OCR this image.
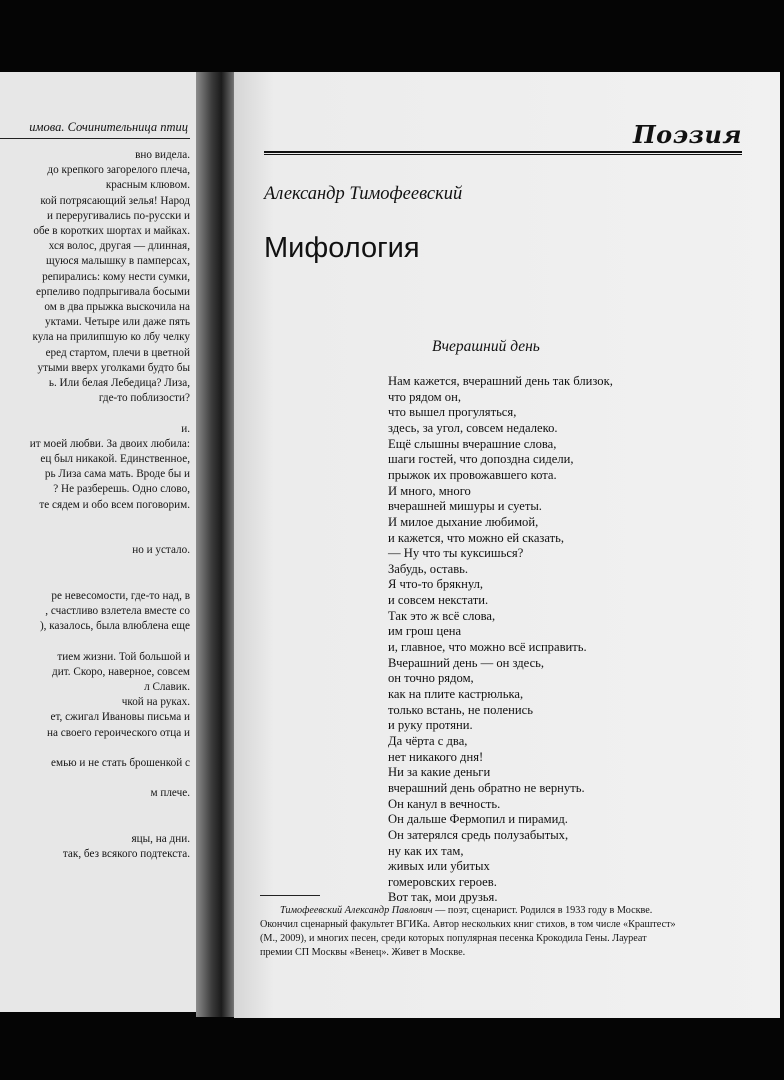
имова. Сочинительница птиц
вно видела.
до крепкого загорелого плеча,
красным клювом.
кой потрясающий зелья! Народ
и переругивались по-русски и
обе в коротких шортах и майках.
хся волос, другая — длинная,
щуюся малышку в памперсах,
репирались: кому нести сумки,
ерпеливо подпрыгивала босыми
ом в два прыжка выскочила на
уктами. Четыре или даже пять
кула на прилипшую ко лбу челку
еред стартом, плечи в цветной
утыми вверх уголками будто бы
ь. Или белая Лебедица? Лиза,
где-то поблизости?
и.
ит моей любви. За двоих любила:
ец был никакой. Единственное,
рь Лиза сама мать. Вроде бы и
? Не разберешь. Одно слово,
те сядем и обо всем поговорим.
но и устало.
ре невесомости, где-то над, в
, счастливо взлетела вместе со
), казалось, была влюблена еще
тием жизни. Той большой и
дит. Скоро, наверное, совсем
л Славик.
чкой на руках.
ет, сжигал Ивановы письма и
на своего героического отца и
емью и не стать брошенкой с
м плече.
яцы, на дни.
так, без всякого подтекста.
Поэзия
Александр Тимофеевский
Мифология
Вчерашний день
Нам кажется, вчерашний день так близок,
что рядом он,
что вышел прогуляться,
здесь, за угол, совсем недалеко.
Ещё слышны вчерашние слова,
шаги гостей, что допоздна сидели,
прыжок их провожавшего кота.
И много, много
вчерашней мишуры и суеты.
И милое дыхание любимой,
и кажется, что можно ей сказать,
— Ну что ты куксишься?
Забудь, оставь.
Я что-то брякнул,
и совсем некстати.
Так это ж всё слова,
им грош цена
и, главное, что можно всё исправить.
Вчерашний день — он здесь,
он точно рядом,
как на плите кастрюлька,
только встань, не поленись
и руку протяни.
Да чёрта с два,
нет никакого дня!
Ни за какие деньги
вчерашний день обратно не вернуть.
Он канул в вечность.
Он дальше Фермопил и пирамид.
Он затерялся средь полузабытых,
ну как их там,
живых или убитых
гомеровских героев.
Вот так, мои друзья.
Тимофеевский Александр Павлович — поэт, сценарист. Родился в 1933 году в Москве.
Окончил сценарный факультет ВГИКа. Автор нескольких книг стихов, в том числе «Краштест»
(М., 2009), и многих песен, среди которых популярная песенка Крокодила Гены. Лауреат
премии СП Москвы «Венец». Живет в Москве.
